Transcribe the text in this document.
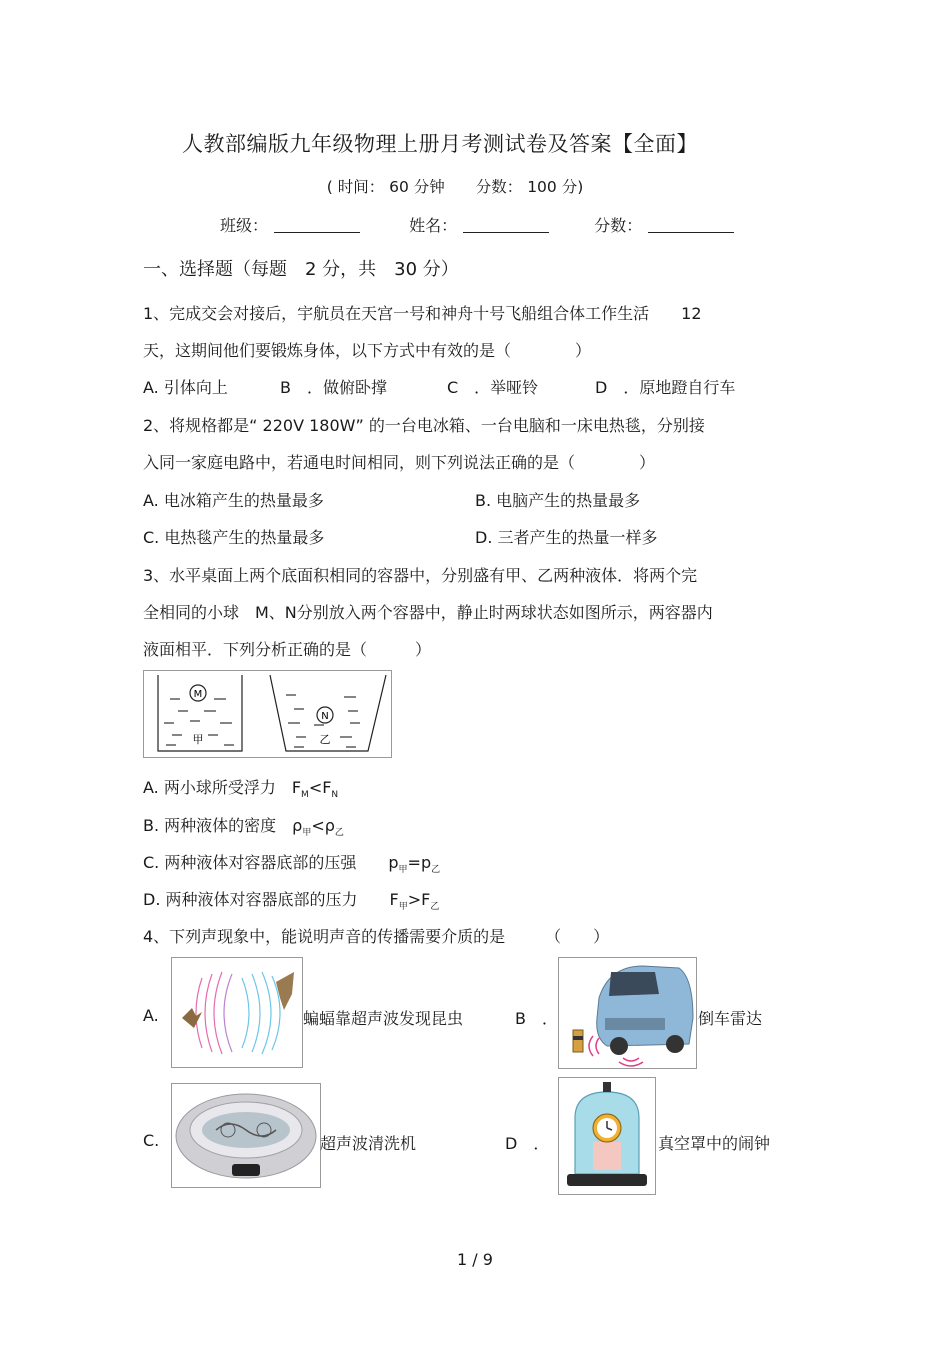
人教部编版九年级物理上册月考测试卷及答案【全面】
( 时间： 60 分钟　　分数： 100 分)
班级：	姓名：	分数：
一、选择题（每题　2 分，共　30 分）
1、完成交会对接后，宇航员在天宫一号和神舟十号飞船组合体工作生活　　12
天，这期间他们要锻炼身体，以下方式中有效的是（　　　　）
A. 引体向上	B　．做俯卧撑	C　．举哑铃	D　．原地蹬自行车
2、将规格都是“ 220V 180W” 的一台电冰箱、一台电脑和一床电热毯，分别接
入同一家庭电路中，若通电时间相同，则下列说法正确的是（　　　　）
A. 电冰箱产生的热量最多	B. 电脑产生的热量最多
C. 电热毯产生的热量最多	D. 三者产生的热量一样多
3、水平桌面上两个底面积相同的容器中，分别盛有甲、乙两种液体．将两个完
全相同的小球　M、N分别放入两个容器中，静止时两球状态如图所示，两容器内
液面相平．下列分析正确的是（　　　）
M
甲
N
乙
A. 两小球所受浮力　$F_M<F_N$
B. 两种液体的密度　$\rho_甲<\rho_乙$
C. 两种液体对容器底部的压强　　$p_甲=p_乙$
D. 两种液体对容器底部的压力　　$F_甲>F_乙$
4、下列声现象中，能说明声音的传播需要介质的是　　　（　　）
A.	蝙蝠靠超声波发现昆虫	B　．	倒车雷达
C.	超声波清洗机	D　．	真空罩中的闹钟
1 / 9
